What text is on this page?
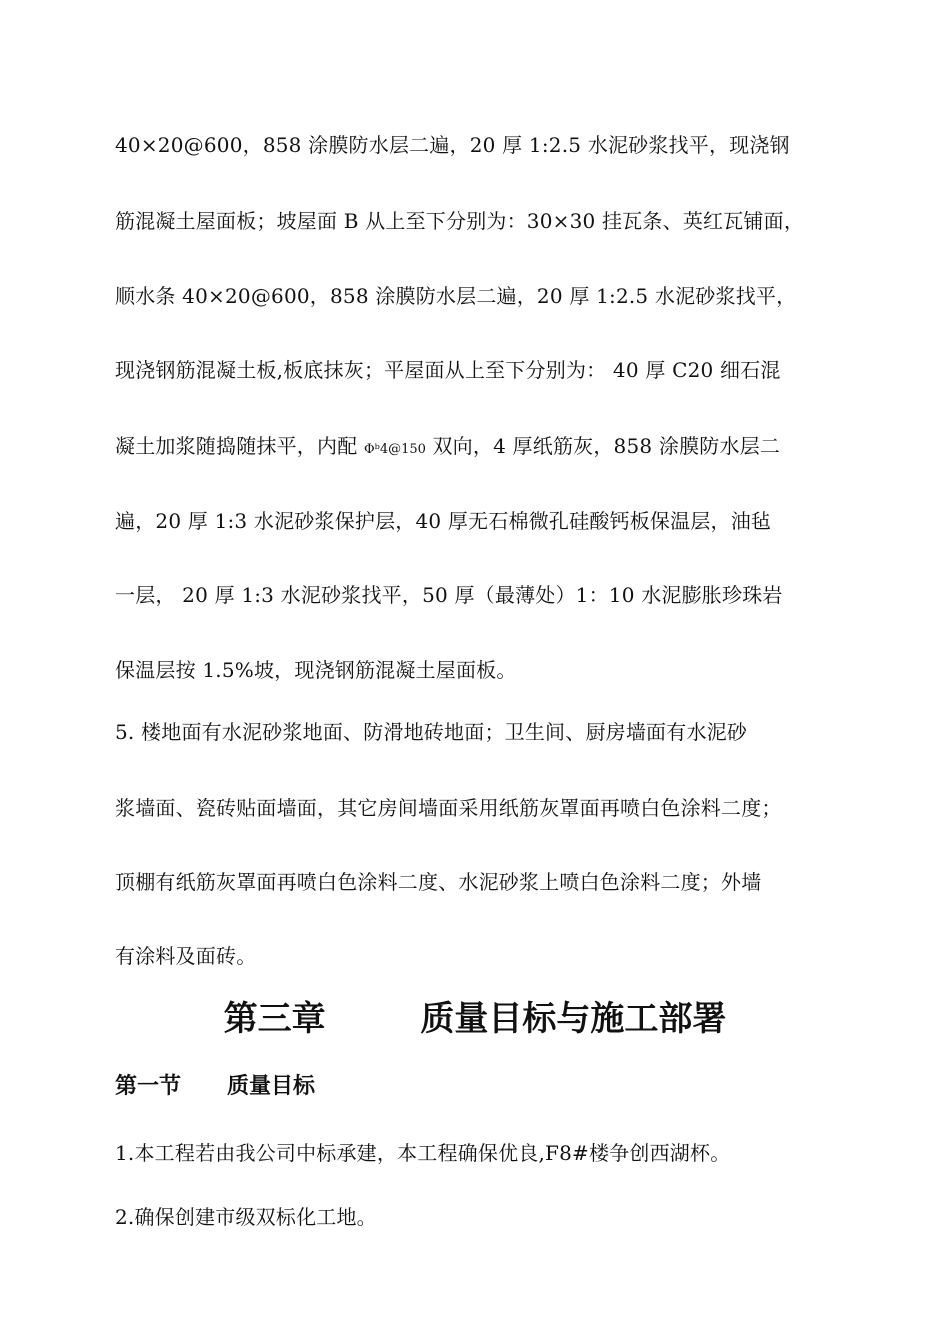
40×20@600，858 涂膜防水层二遍，20 厚 1:2.5 水泥砂浆找平，现浇钢
筋混凝土屋面板；坡屋面 B 从上至下分别为：30×30 挂瓦条、英红瓦铺面，
顺水条 40×20@600，858 涂膜防水层二遍，20 厚 1:2.5 水泥砂浆找平，
现浇钢筋混凝土板,板底抹灰；平屋面从上至下分别为： 40 厚 C20 细石混
凝土加浆随捣随抹平，内配 Φᵇ4@150 双向，4 厚纸筋灰，858 涂膜防水层二
遍，20 厚 1:3 水泥砂浆保护层，40 厚无石棉微孔硅酸钙板保温层，油毡
一层， 20 厚 1:3 水泥砂浆找平，50 厚（最薄处）1：10 水泥膨胀珍珠岩
保温层按 1.5%坡，现浇钢筋混凝土屋面板。
5. 楼地面有水泥砂浆地面、防滑地砖地面；卫生间、厨房墙面有水泥砂
浆墙面、瓷砖贴面墙面，其它房间墙面采用纸筋灰罩面再喷白色涂料二度；
顶棚有纸筋灰罩面再喷白色涂料二度、水泥砂浆上喷白色涂料二度；外墙
有涂料及面砖。
第三章        质量目标与施工部署
第一节      质量目标
1.本工程若由我公司中标承建，本工程确保优良,F8#楼争创西湖杯。
2.确保创建市级双标化工地。
